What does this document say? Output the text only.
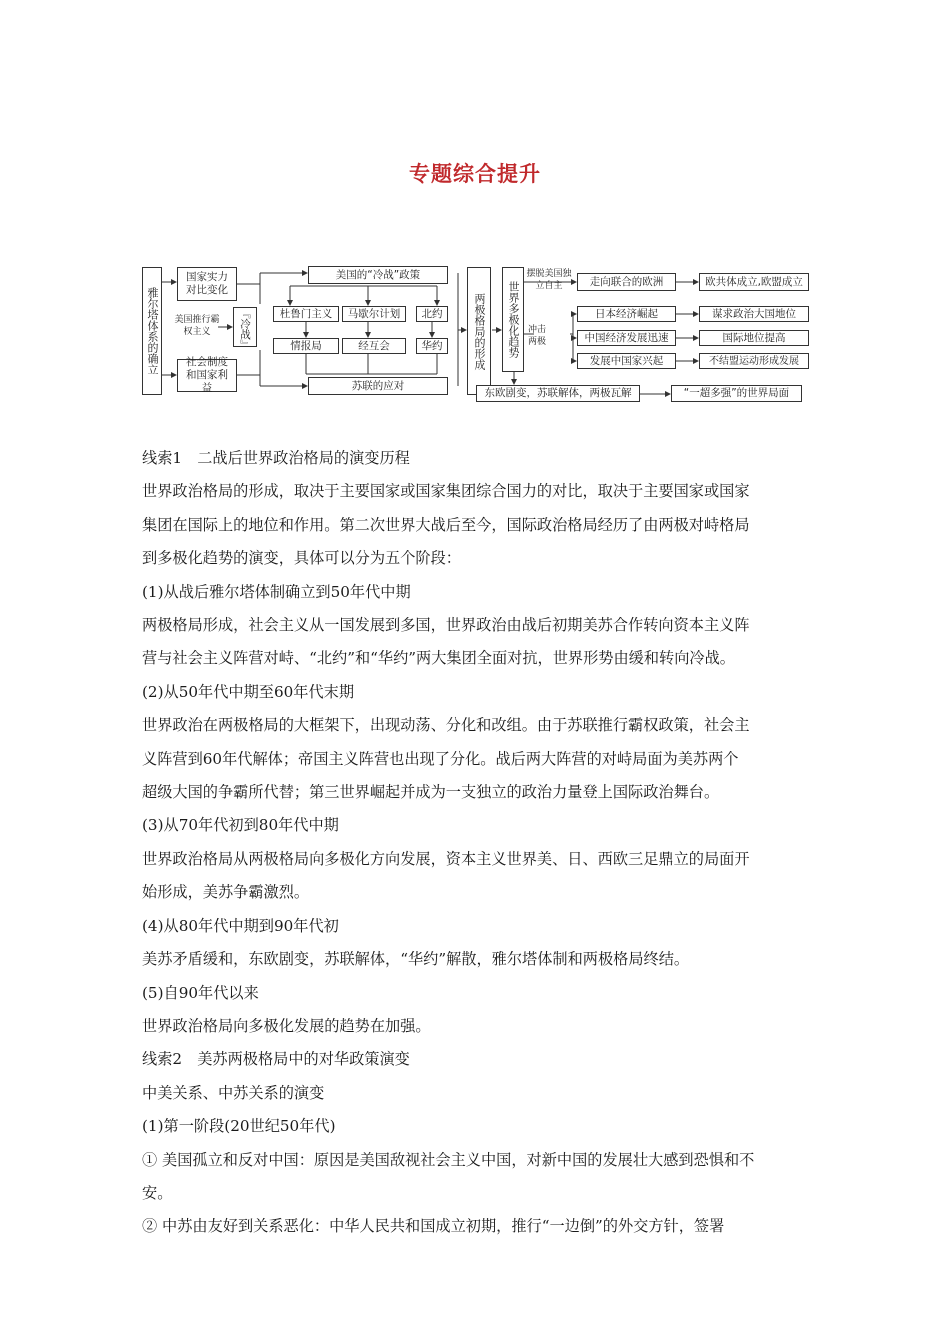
专题综合提升
雅尔塔体系的确立
国家实力对比变化
美国推行霸权主义	『冷战』
社会制度和国家利益
美国的“冷战”政策
杜鲁门主义	马歇尔计划	北约
情报局	经互会	华约
苏联的应对
两极格局的形成	世界多极化趋势
摆脱美国独立自主
冲击两极
走向联合的欧洲
日本经济崛起
中国经济发展迅速
发展中国家兴起
欧共体成立,欧盟成立
谋求政治大国地位
国际地位提高
不结盟运动形成发展
东欧剧变，苏联解体，两极瓦解	“一超多强”的世界局面

线索1　二战后世界政治格局的演变历程

世界政治格局的形成，取决于主要国家或国家集团综合国力的对比，取决于主要国家或国家

集团在国际上的地位和作用。第二次世界大战后至今，国际政治格局经历了由两极对峙格局

到多极化趋势的演变，具体可以分为五个阶段：

(1)从战后雅尔塔体制确立到50年代中期

两极格局形成，社会主义从一国发展到多国，世界政治由战后初期美苏合作转向资本主义阵

营与社会主义阵营对峙、“北约”和“华约”两大集团全面对抗，世界形势由缓和转向冷战。

(2)从50年代中期至60年代末期

世界政治在两极格局的大框架下，出现动荡、分化和改组。由于苏联推行霸权政策，社会主

义阵营到60年代解体；帝国主义阵营也出现了分化。战后两大阵营的对峙局面为美苏两个

超级大国的争霸所代替；第三世界崛起并成为一支独立的政治力量登上国际政治舞台。

(3)从70年代初到80年代中期

世界政治格局从两极格局向多极化方向发展，资本主义世界美、日、西欧三足鼎立的局面开

始形成，美苏争霸激烈。

(4)从80年代中期到90年代初

美苏矛盾缓和，东欧剧变，苏联解体，“华约”解散，雅尔塔体制和两极格局终结。

(5)自90年代以来

世界政治格局向多极化发展的趋势在加强。

线索2　美苏两极格局中的对华政策演变

中美关系、中苏关系的演变

(1)第一阶段(20世纪50年代)

① 美国孤立和反对中国：原因是美国敌视社会主义中国，对新中国的发展壮大感到恐惧和不

安。

② 中苏由友好到关系恶化：中华人民共和国成立初期，推行“一边倒”的外交方针，签署
